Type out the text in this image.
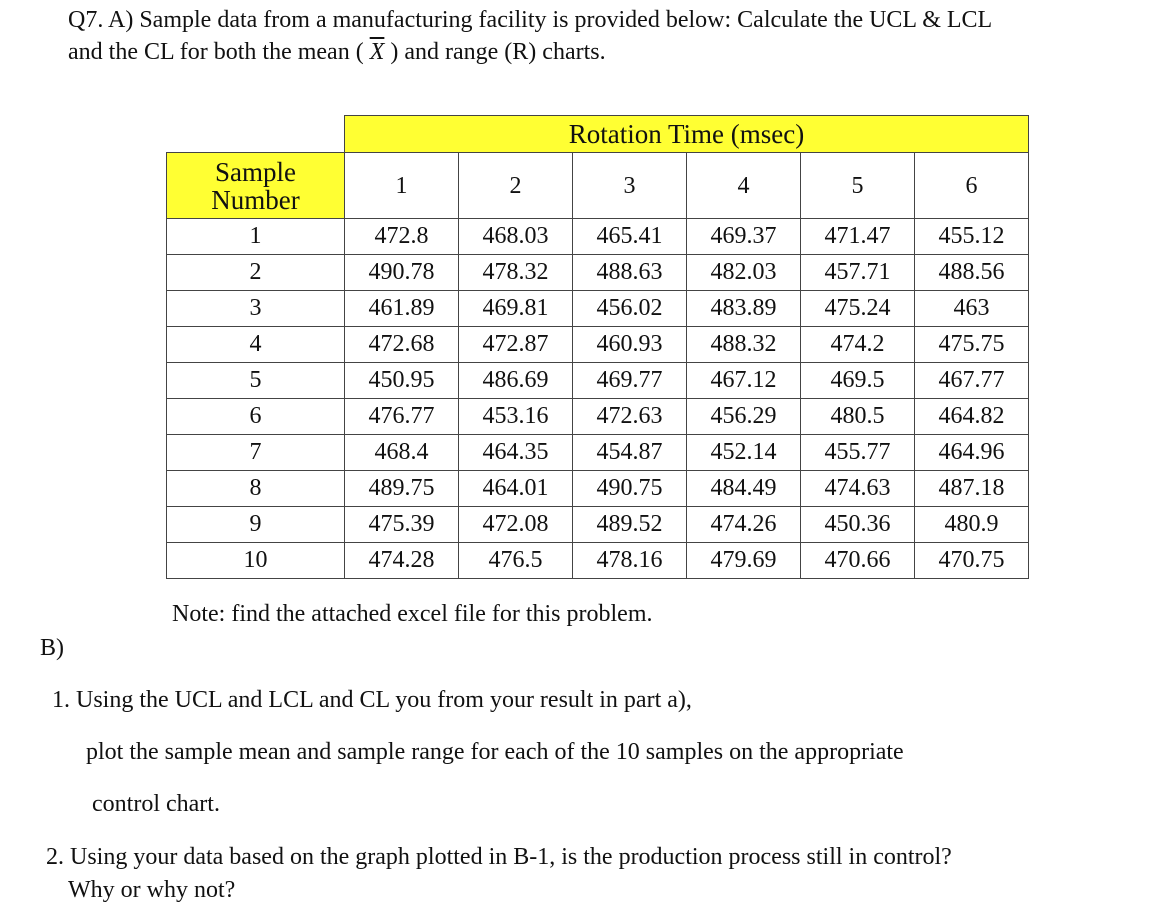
Q7. A) Sample data from a manufacturing facility is provided below: Calculate the UCL & LCL
and the CL for both the mean ( $\overline{X}$ ) and range (R) charts.
	Rotation Time (msec)					
Sample
Number	1	2	3	4	5	6
1	472.8	468.03	465.41	469.37	471.47	455.12
2	490.78	478.32	488.63	482.03	457.71	488.56
3	461.89	469.81	456.02	483.89	475.24	463
4	472.68	472.87	460.93	488.32	474.2	475.75
5	450.95	486.69	469.77	467.12	469.5	467.77
6	476.77	453.16	472.63	456.29	480.5	464.82
7	468.4	464.35	454.87	452.14	455.77	464.96
8	489.75	464.01	490.75	484.49	474.63	487.18
9	475.39	472.08	489.52	474.26	450.36	480.9
10	474.28	476.5	478.16	479.69	470.66	470.75
Note: find the attached excel file for this problem.
B)
1. Using the UCL and LCL and CL you from your result in part a),
plot the sample mean and sample range for each of the 10 samples on the appropriate
control chart.
2. Using your data based on the graph plotted in B-1, is the production process still in control?
Why or why not?
